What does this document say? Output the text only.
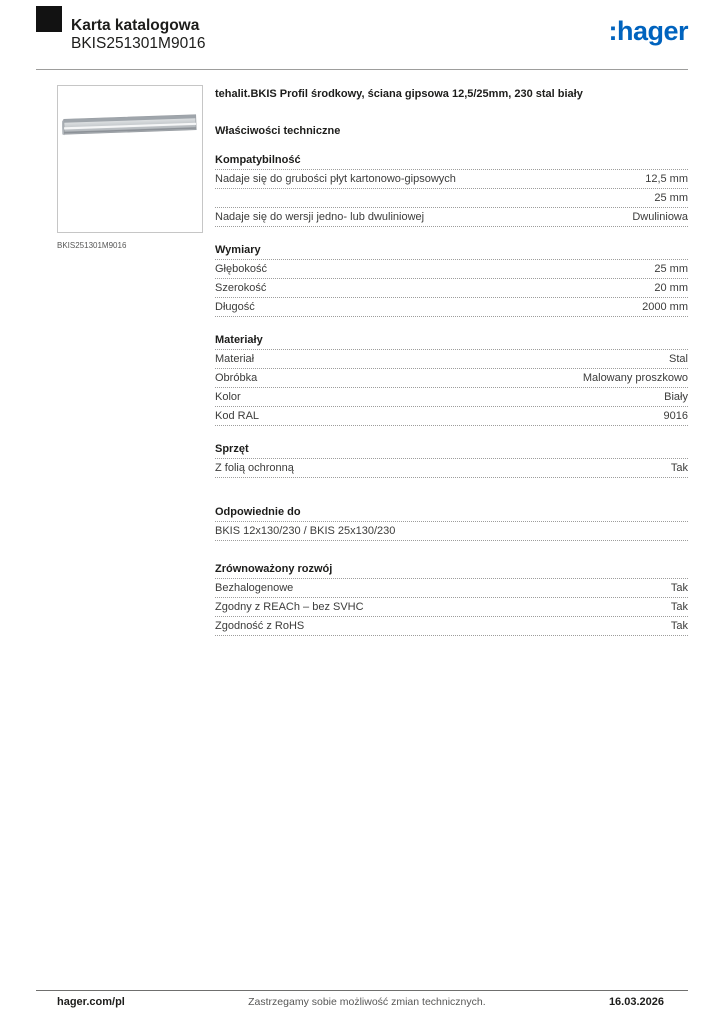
Karta katalogowa
BKIS251301M9016	:hager
BKIS251301M9016
tehalit.BKIS Profil środkowy, ściana gipsowa 12,5/25mm, 230 stal biały
Właściwości techniczne
Kompatybilność
Nadaje się do grubości płyt kartonowo-gipsowych	12,5 mm
25 mm
Nadaje się do wersji jedno- lub dwuliniowej	Dwuliniowa
Wymiary
Głębokość	25 mm
Szerokość	20 mm
Długość	2000 mm
Materiały
Materiał	Stal
Obróbka	Malowany proszkowo
Kolor	Biały
Kod RAL	9016
Sprzęt
Z folią ochronną	Tak
Odpowiednie do
BKIS 12x130/230 / BKIS 25x130/230
Zrównoważony rozwój
Bezhalogenowe	Tak
Zgodny z REACh – bez SVHC	Tak
Zgodność z RoHS	Tak
hager.com/pl	Zastrzegamy sobie możliwość zmian technicznych.	16.03.2026
